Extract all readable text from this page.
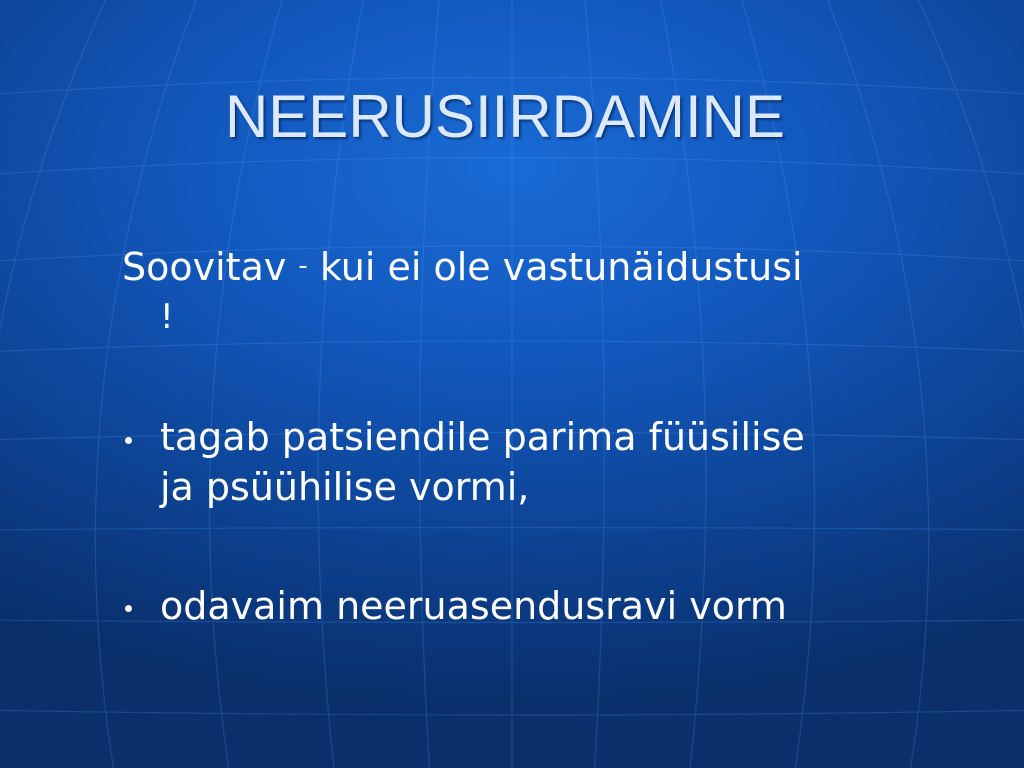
NEERUSIIRDAMINE
Soovitav - kui ei ole vastunäidustusi
!
tagab patsiendile parima füüsilise
ja psüühilise vormi,
odavaim neeruasendusravi vorm
